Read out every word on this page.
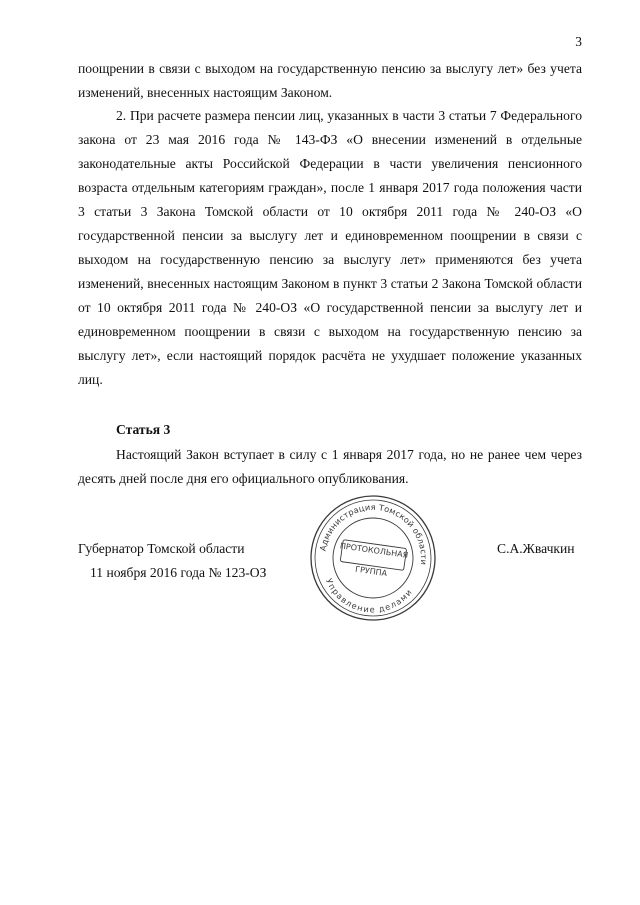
3

поощрении в связи с выходом на государственную пенсию за выслугу лет» без учета изменений, внесенных настоящим Законом.

2. При расчете размера пенсии лиц, указанных в части 3 статьи 7 Федерального закона от 23 мая 2016 года № 143-ФЗ «О внесении изменений в отдельные законодательные акты Российской Федерации в части увеличения пенсионного возраста отдельным категориям граждан», после 1 января 2017 года положения части 3 статьи 3 Закона Томской области от 10 октября 2011 года № 240-ОЗ «О государственной пенсии за выслугу лет и единовременном поощрении в связи с выходом на государственную пенсию за выслугу лет» применяются без учета изменений, внесенных настоящим Законом в пункт 3 статьи 2 Закона Томской области от 10 октября 2011 года № 240-ОЗ «О государственной пенсии за выслугу лет и единовременном поощрении в связи с выходом на государственную пенсию за выслугу лет», если настоящий порядок расчёта не ухудшает положение указанных лиц.

Статья 3

Настоящий Закон вступает в силу с 1 января 2017 года, но не ранее чем через десять дней после дня его официального опубликования.

Губернатор Томской области
11 ноября 2016 года № 123-ОЗ
С.А.Жвачкин
Администрация Томской области
Управление делами
ПРОТОКОЛЬНАЯ
ГРУППА
